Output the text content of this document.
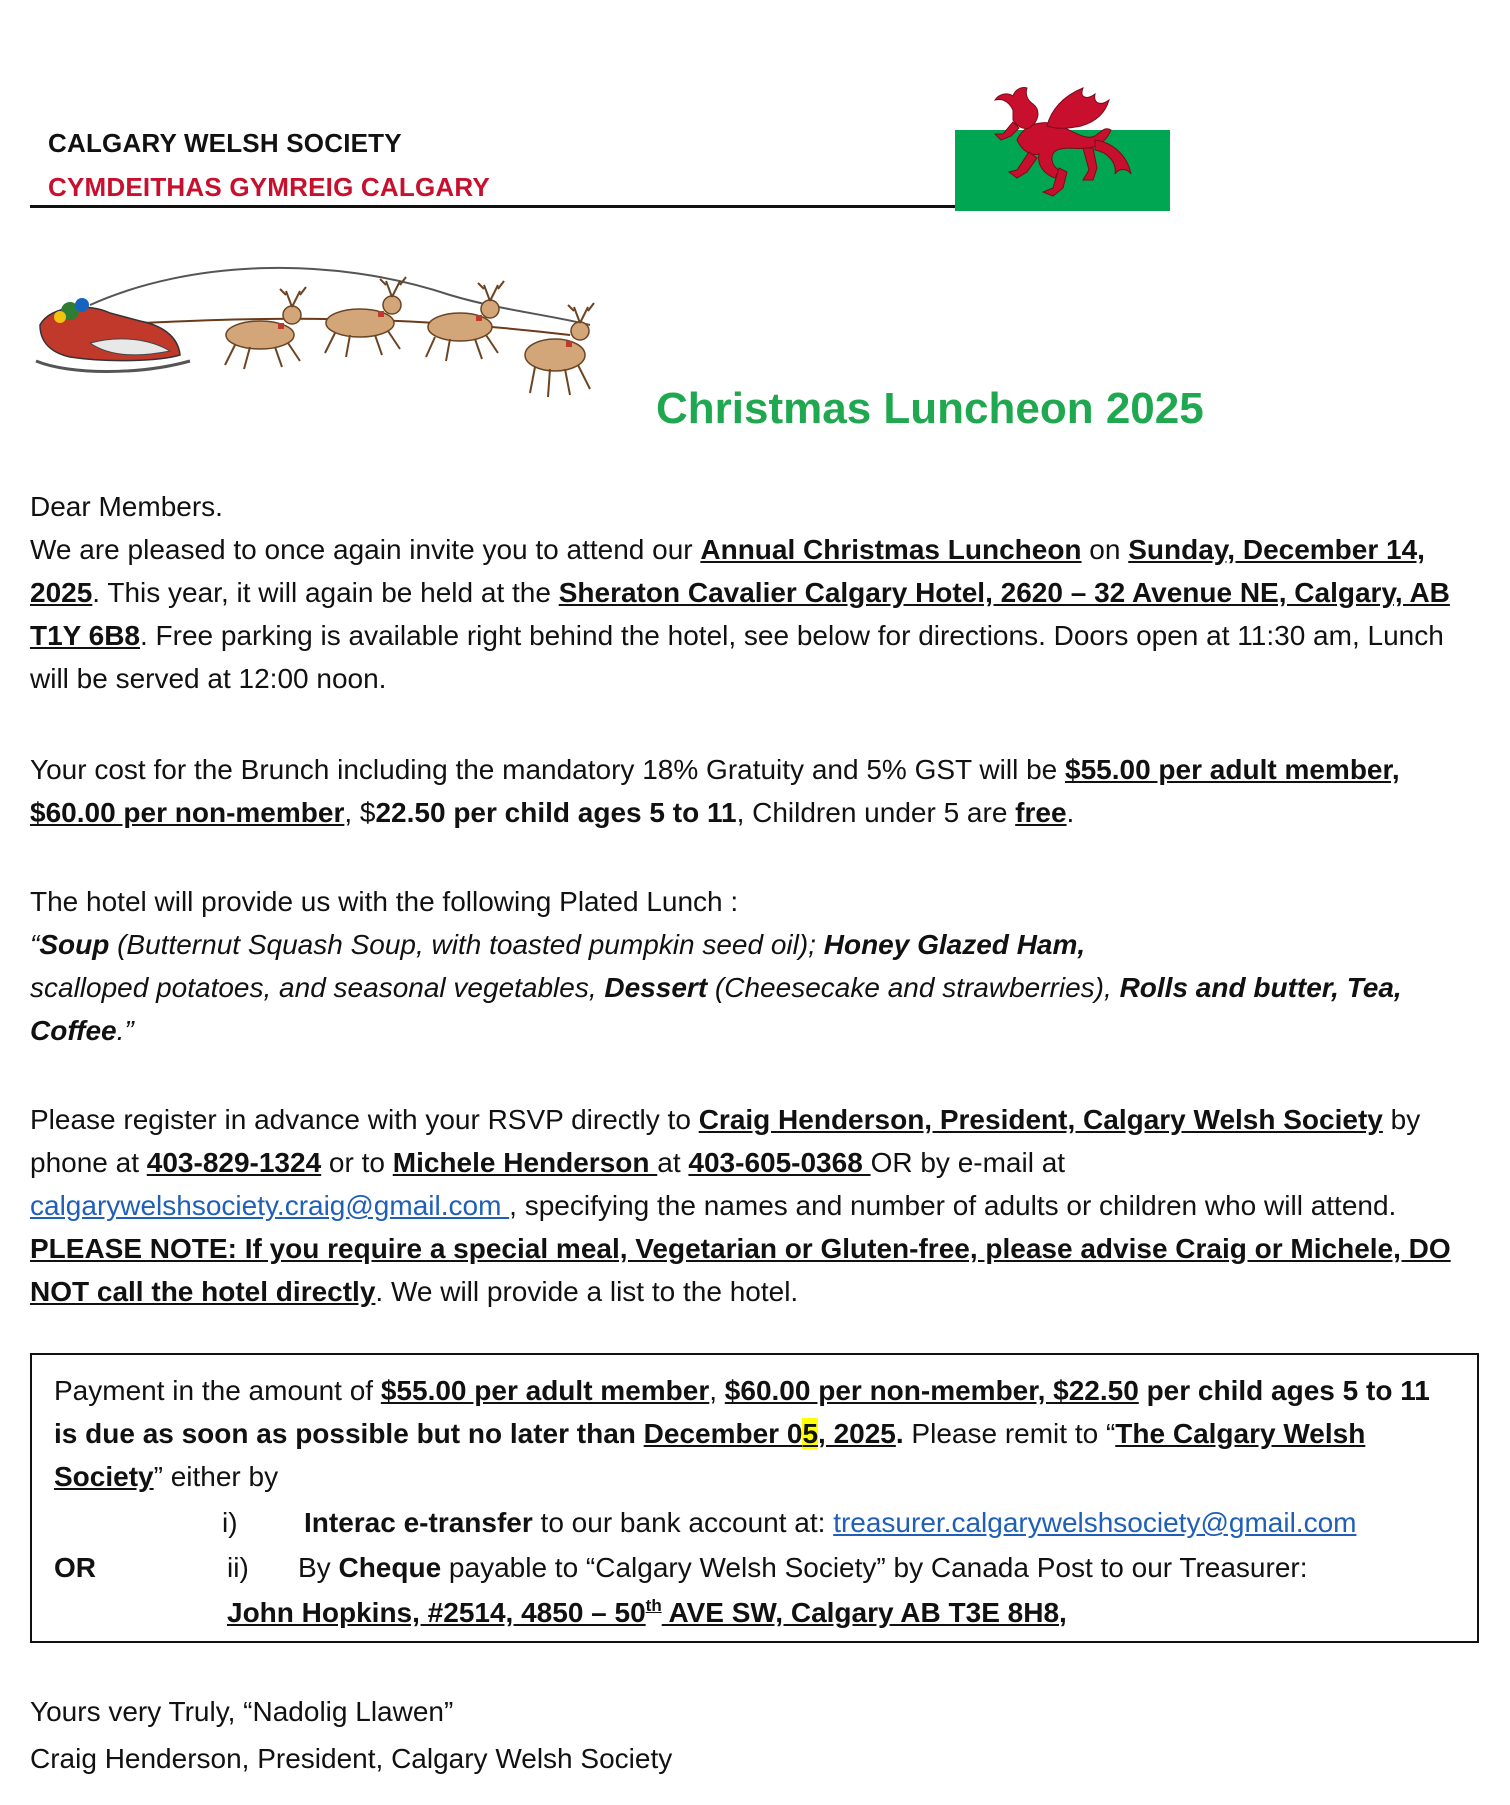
CALGARY WELSH SOCIETY
CYMDEITHAS GYMREIG CALGARY
Christmas Luncheon 2025
Dear Members.
We are pleased to once again invite you to attend our Annual Christmas Luncheon on Sunday, December 14, 2025. This year, it will again be held at the Sheraton Cavalier Calgary Hotel, 2620 – 32 Avenue NE, Calgary, AB T1Y 6B8. Free parking is available right behind the hotel, see below for directions. Doors open at 11:30 am, Lunch will be served at 12:00 noon.
Your cost for the Brunch including the mandatory 18% Gratuity and 5% GST will be $55.00 per adult member, $60.00 per non-member, $22.50 per child ages 5 to 11, Children under 5 are free.
The hotel will provide us with the following Plated Lunch :
“Soup (Butternut Squash Soup, with toasted pumpkin seed oil); Honey Glazed Ham,
scalloped potatoes, and seasonal vegetables, Dessert (Cheesecake and strawberries), Rolls and butter, Tea, Coffee.”
Please register in advance with your RSVP directly to Craig Henderson, President, Calgary Welsh Society by phone at 403-829-1324 or to Michele Henderson at 403-605-0368 OR by e-mail at calgarywelshsociety.craig@gmail.com , specifying the names and number of adults or children who will attend. PLEASE NOTE: If you require a special meal, Vegetarian or Gluten-free, please advise Craig or Michele, DO NOT call the hotel directly. We will provide a list to the hotel.
Payment in the amount of $55.00 per adult member, $60.00 per non-member, $22.50 per child ages 5 to 11 is due as soon as possible but no later than December 05, 2025. Please remit to “The Calgary Welsh Society” either by
i) Interac e-transfer to our bank account at: treasurer.calgarywelshsociety@gmail.com
OR	ii) By Cheque payable to “Calgary Welsh Society” by Canada Post to our Treasurer:
John Hopkins, #2514, 4850 – 50th AVE SW, Calgary AB T3E 8H8,
Yours very Truly, “Nadolig Llawen”
Craig Henderson, President, Calgary Welsh Society
